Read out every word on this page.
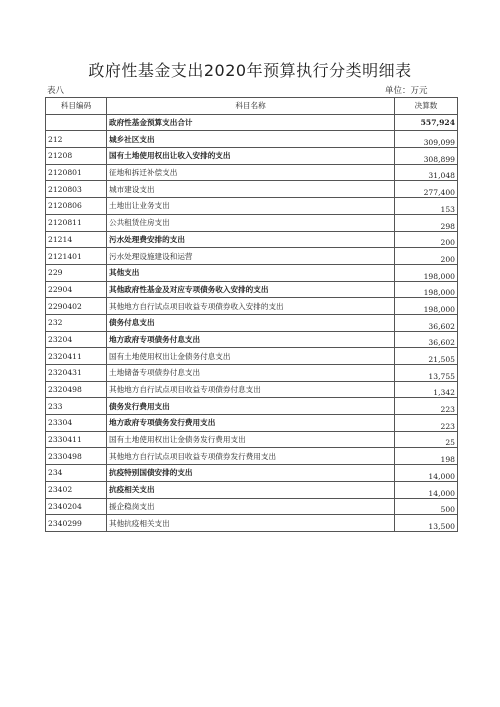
政府性基金支出2020年预算执行分类明细表
表八	单位：万元
科目编码	科目名称	决算数
	政府性基金预算支出合计	557,924
212	城乡社区支出	309,099
21208	国有土地使用权出让收入安排的支出	308,899
2120801	征地和拆迁补偿支出	31,048
2120803	城市建设支出	277,400
2120806	土地出让业务支出	153
2120811	公共租赁住房支出	298
21214	污水处理费安排的支出	200
2121401	污水处理设施建设和运营	200
229	其他支出	198,000
22904	其他政府性基金及对应专项债务收入安排的支出	198,000
2290402	其他地方自行试点项目收益专项债券收入安排的支出	198,000
232	债务付息支出	36,602
23204	地方政府专项债务付息支出	36,602
2320411	国有土地使用权出让金债务付息支出	21,505
2320431	土地储备专项债券付息支出	13,755
2320498	其他地方自行试点项目收益专项债券付息支出	1,342
233	债务发行费用支出	223
23304	地方政府专项债务发行费用支出	223
2330411	国有土地使用权出让金债务发行费用支出	25
2330498	其他地方自行试点项目收益专项债券发行费用支出	198
234	抗疫特别国债安排的支出	14,000
23402	抗疫相关支出	14,000
2340204	援企稳岗支出	500
2340299	其他抗疫相关支出	13,500
